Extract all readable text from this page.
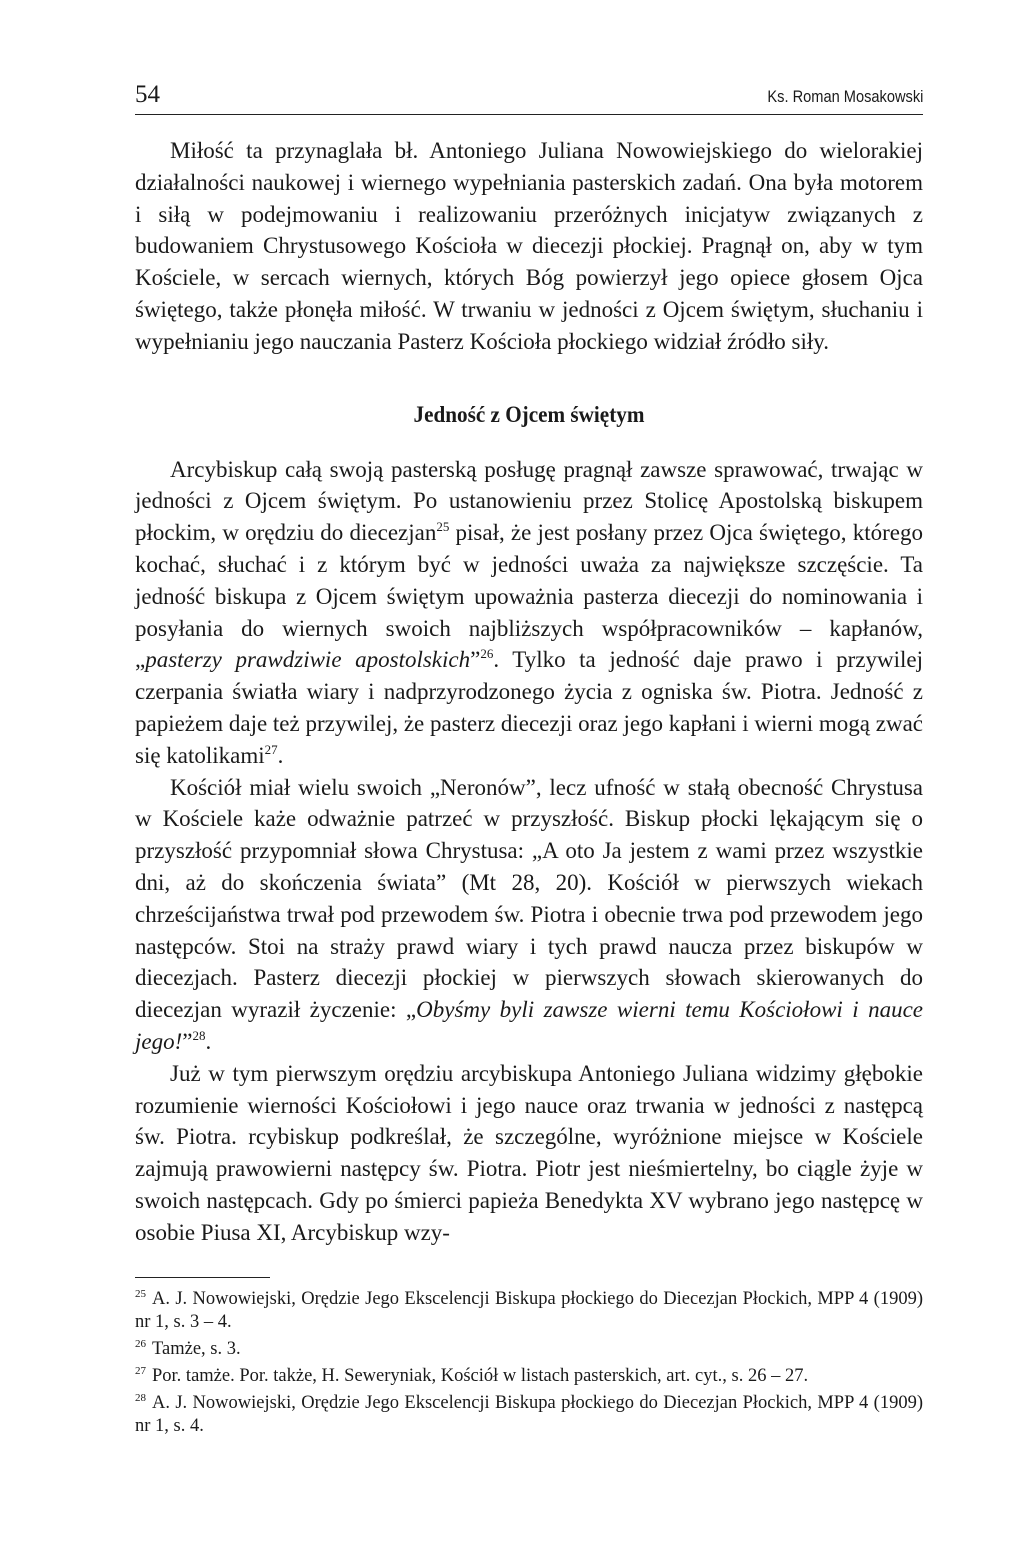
54	Ks. Roman Mosakowski

Miłość ta przynaglała bł. Antoniego Juliana Nowowiejskiego do wielorakiej działalności naukowej i wiernego wypełniania pasterskich zadań. Ona była motorem i siłą w podejmowaniu i realizowaniu przeróżnych inicjatyw związanych z budowaniem Chrystusowego Kościoła w diecezji płockiej. Pragnął on, aby w tym Kościele, w sercach wiernych, których Bóg powierzył jego opiece głosem Ojca świętego, także płonęła miłość. W trwaniu w jedności z Ojcem świętym, słuchaniu i wypełnianiu jego nauczania Pasterz Kościoła płockiego widział źródło siły.

Jedność z Ojcem świętym

Arcybiskup całą swoją pasterską posługę pragnął zawsze sprawować, trwając w jedności z Ojcem świętym. Po ustanowieniu przez Stolicę Apostolską biskupem płockim, w orędziu do diecezjan$^{25}$ pisał, że jest posłany przez Ojca świętego, którego kochać, słuchać i z którym być w jedności uważa za największe szczęście. Ta jedność biskupa z Ojcem świętym upoważnia pasterza diecezji do nominowania i posyłania do wiernych swoich najbliższych współpracowników – kapłanów, „pasterzy prawdziwie apostolskich”$^{26}$. Tylko ta jedność daje prawo i przywilej czerpania światła wiary i nadprzyrodzonego życia z ogniska św. Piotra. Jedność z papieżem daje też przywilej, że pasterz diecezji oraz jego kapłani i wierni mogą zwać się katolikami$^{27}$.

Kościół miał wielu swoich „Neronów”, lecz ufność w stałą obecność Chrystusa w Kościele każe odważnie patrzeć w przyszłość. Biskup płocki lękającym się o przyszłość przypomniał słowa Chrystusa: „A oto Ja jestem z wami przez wszystkie dni, aż do skończenia świata” (Mt 28, 20). Kościół w pierwszych wiekach chrześcijaństwa trwał pod przewodem św. Piotra i obecnie trwa pod przewodem jego następców. Stoi na straży prawd wiary i tych prawd naucza przez biskupów w diecezjach. Pasterz diecezji płockiej w pierwszych słowach skierowanych do diecezjan wyraził życzenie: „Obyśmy byli zawsze wierni temu Kościołowi i nauce jego!”$^{28}$.

Już w tym pierwszym orędziu arcybiskupa Antoniego Juliana widzimy głębokie rozumienie wierności Kościołowi i jego nauce oraz trwania w jedności z następcą św. Piotra. rcybiskup podkreślał, że szczególne, wyróżnione miejsce w Kościele zajmują prawowierni następcy św. Piotra. Piotr jest nieśmiertelny, bo ciągle żyje w swoich następcach. Gdy po śmierci papieża Benedykta XV wybrano jego następcę w osobie Piusa XI, Arcybiskup wzy-

$^{25}$ A. J. Nowowiejski, Orędzie Jego Ekscelencji Biskupa płockiego do Diecezjan Płockich, MPP 4 (1909) nr 1, s. 3 – 4.

$^{26}$ Tamże, s. 3.

$^{27}$ Por. tamże. Por. także, H. Seweryniak, Kościół w listach pasterskich, art. cyt., s. 26 – 27.

$^{28}$ A. J. Nowowiejski, Orędzie Jego Ekscelencji Biskupa płockiego do Diecezjan Płockich, MPP 4 (1909) nr 1, s. 4.
